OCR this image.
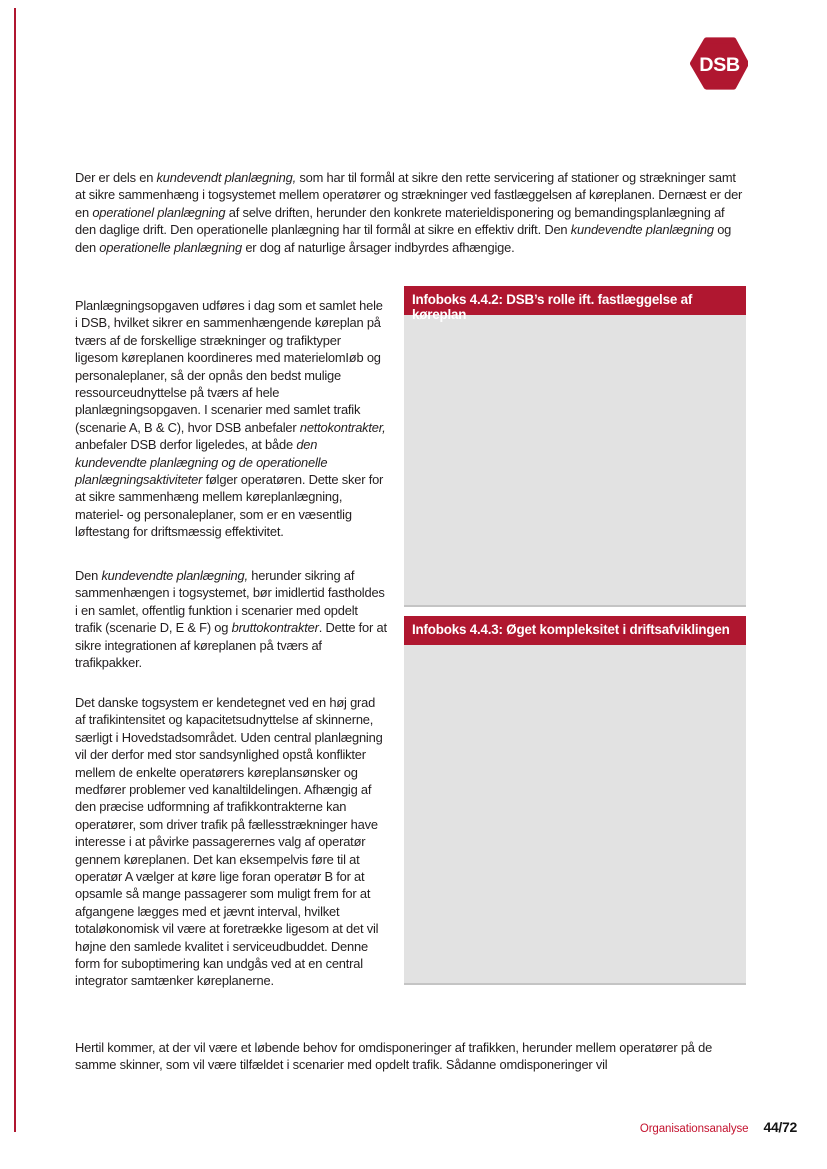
DSB

Der er dels en kundevendt planlægning, som har til formål at sikre den rette servicering af stationer og strækninger samt at sikre sammenhæng i togsystemet mellem operatører og strækninger ved fastlæggelsen af køreplanen. Dernæst er der en operationel planlægning af selve driften, herunder den konkrete materieldisponering og bemandingsplanlægning af den daglige drift. Den operationelle planlægning har til formål at sikre en effektiv drift. Den kundevendte planlægning og den operationelle planlægning er dog af naturlige årsager indbyrdes afhængige.

Planlægningsopgaven udføres i dag som et samlet hele i DSB, hvilket sikrer en sammenhængende køreplan på tværs af de forskellige strækninger og trafiktyper ligesom køreplanen koordineres med materielomIøb og personaleplaner, så der opnås den bedst mulige ressourceudnyttelse på tværs af hele planlægningsopgaven. I scenarier med samlet trafik (scenarie A, B & C), hvor DSB anbefaler nettokontrakter, anbefaler DSB derfor ligeledes, at både den kundevendte planlægning og de operationelle planlægningsaktiviteter følger operatøren. Dette sker for at sikre sammenhæng mellem køreplanlægning, materiel- og personaleplaner, som er en væsentlig løftestang for driftsmæssig effektivitet.

Den kundevendte planlægning, herunder sikring af sammenhængen i togsystemet, bør imidlertid fastholdes i en samlet, offentlig funktion i scenarier med opdelt trafik (scenarie D, E & F) og bruttokontrakter. Dette for at sikre integrationen af køreplanen på tværs af trafikpakker.

Det danske togsystem er kendetegnet ved en høj grad af trafikintensitet og kapacitetsudnyttelse af skinnerne, særligt i Hovedstadsområdet. Uden central planlægning vil der derfor med stor sandsynlighed opstå konflikter mellem de enkelte operatørers køreplansønsker og medfører problemer ved kanaltildelingen. Afhængig af den præcise udformning af trafikkontrakterne kan operatører, som driver trafik på fællesstrækninger have interesse i at påvirke passagerernes valg af operatør gennem køreplanen. Det kan eksempelvis føre til at operatør A vælger at køre lige foran operatør B for at opsamle så mange passagerer som muligt frem for at afgangene lægges med et jævnt interval, hvilket totaløkonomisk vil være at foretrække ligesom at det vil højne den samlede kvalitet i serviceudbuddet. Denne form for suboptimering kan undgås ved at en central integrator samtænker køreplanerne.

Infoboks 4.4.2: DSB’s rolle ift. fastlæggelse af køreplan
Infoboks 4.4.3: Øget kompleksitet i driftsafviklingen

Hertil kommer, at der vil være et løbende behov for omdisponeringer af trafikken, herunder mellem operatører på de samme skinner, som vil være tilfældet i scenarier med opdelt trafik. Sådanne omdisponeringer vil

Organisationsanalyse 44/72
